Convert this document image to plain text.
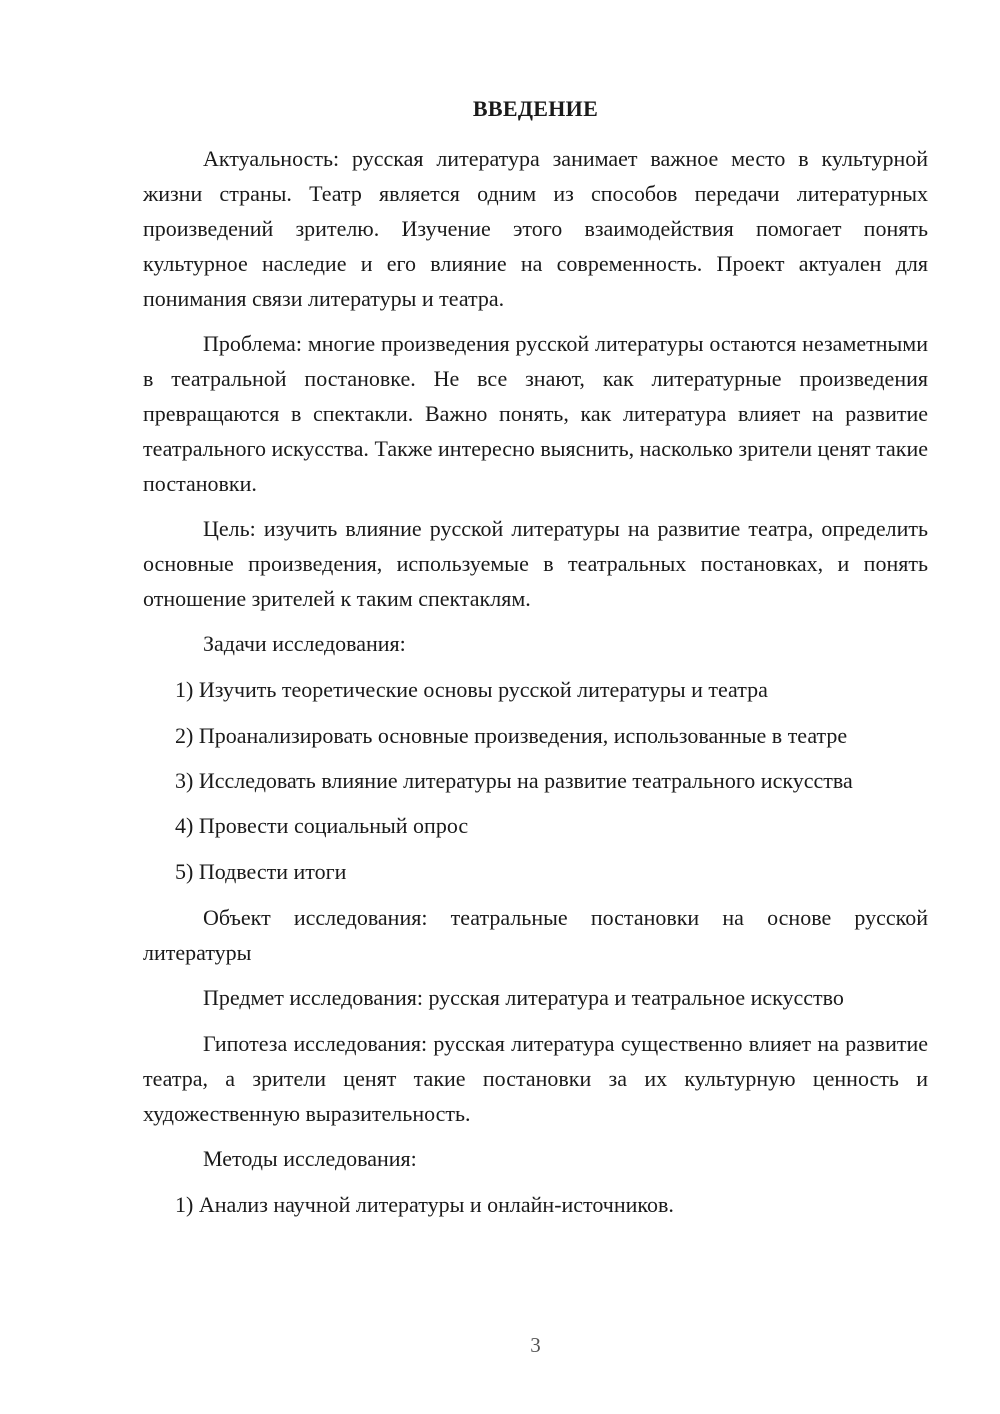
ВВЕДЕНИЕ

Актуальность: русская литература занимает важное место в культурной жизни страны. Театр является одним из способов передачи литературных произведений зрителю. Изучение этого взаимодействия помогает понять культурное наследие и его влияние на современность. Проект актуален для понимания связи литературы и театра.

Проблема: многие произведения русской литературы остаются незаметными в театральной постановке. Не все знают, как литературные произведения превращаются в спектакли. Важно понять, как литература влияет на развитие театрального искусства. Также интересно выяснить, насколько зрители ценят такие постановки.

Цель: изучить влияние русской литературы на развитие театра, определить основные произведения, используемые в театральных постановках, и понять отношение зрителей к таким спектаклям.

Задачи исследования:

1) Изучить теоретические основы русской литературы и театра

2) Проанализировать основные произведения, использованные в театре

3) Исследовать влияние литературы на развитие театрального искусства

4) Провести социальный опрос

5) Подвести итоги

Объект исследования: театральные постановки на основе русской литературы

Предмет исследования: русская литература и театральное искусство

Гипотеза исследования: русская литература существенно влияет на развитие театра, а зрители ценят такие постановки за их культурную ценность и художественную выразительность.

Методы исследования:

1) Анализ научной литературы и онлайн-источников.

3
